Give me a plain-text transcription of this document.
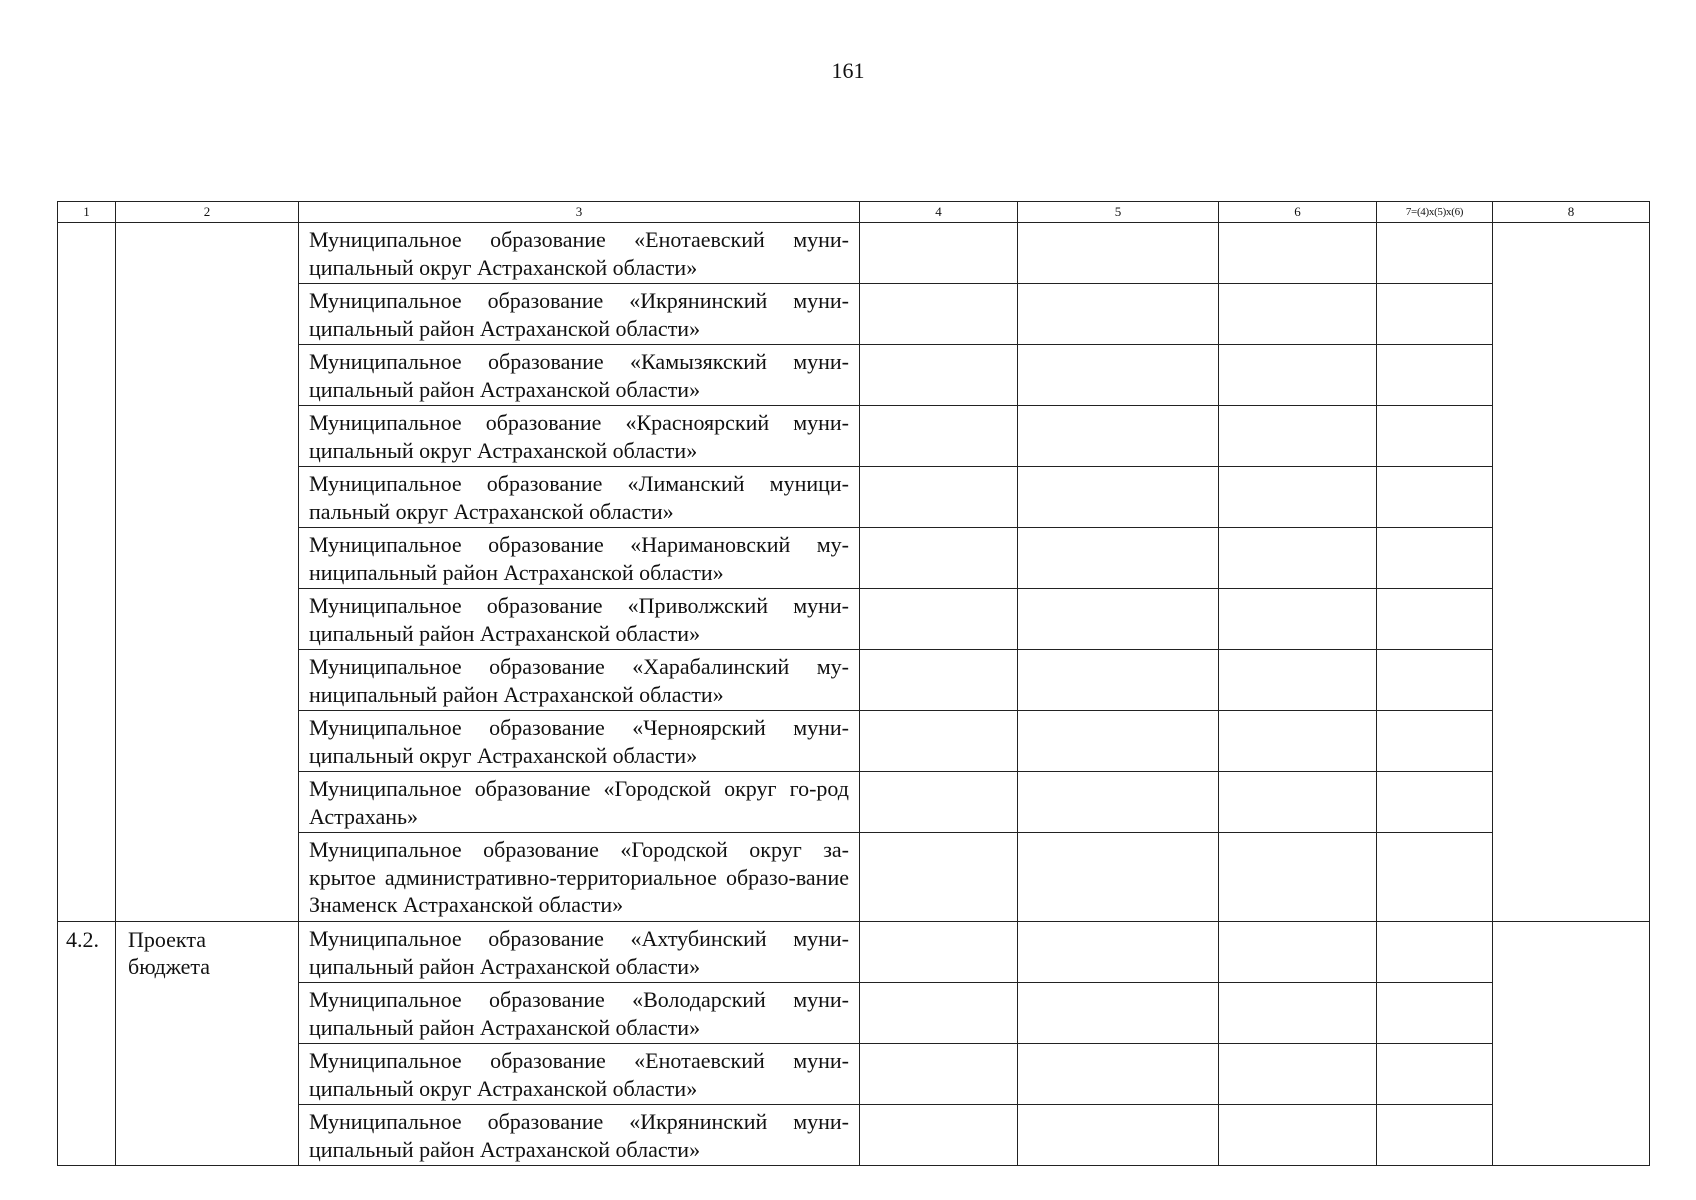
161
1	2	3	4	5	6	7=(4)x(5)x(6)	8
		Муниципальное образование «Енотаевский муни-ципальный округ Астраханской области»					
		Муниципальное образование «Икрянинский муни-ципальный район Астраханской области»					
		Муниципальное образование «Камызякский муни-ципальный район Астраханской области»					
		Муниципальное образование «Красноярский муни-ципальный округ Астраханской области»					
		Муниципальное образование «Лиманский муници-пальный округ Астраханской области»					
		Муниципальное образование «Наримановский му-ниципальный район Астраханской области»					
		Муниципальное образование «Приволжский муни-ципальный район Астраханской области»					
		Муниципальное образование «Харабалинский му-ниципальный район Астраханской области»					
		Муниципальное образование «Черноярский муни-ципальный округ Астраханской области»					
		Муниципальное образование «Городской округ го-род Астрахань»					
		Муниципальное образование «Городской округ за-крытое административно-территориальное образо-вание Знаменск Астраханской области»					
4.2.	Проекта бюджета	Муниципальное образование «Ахтубинский муни-ципальный район Астраханской области»					
		Муниципальное образование «Володарский муни-ципальный район Астраханской области»					
		Муниципальное образование «Енотаевский муни-ципальный округ Астраханской области»					
		Муниципальное образование «Икрянинский муни-ципальный район Астраханской области»					
